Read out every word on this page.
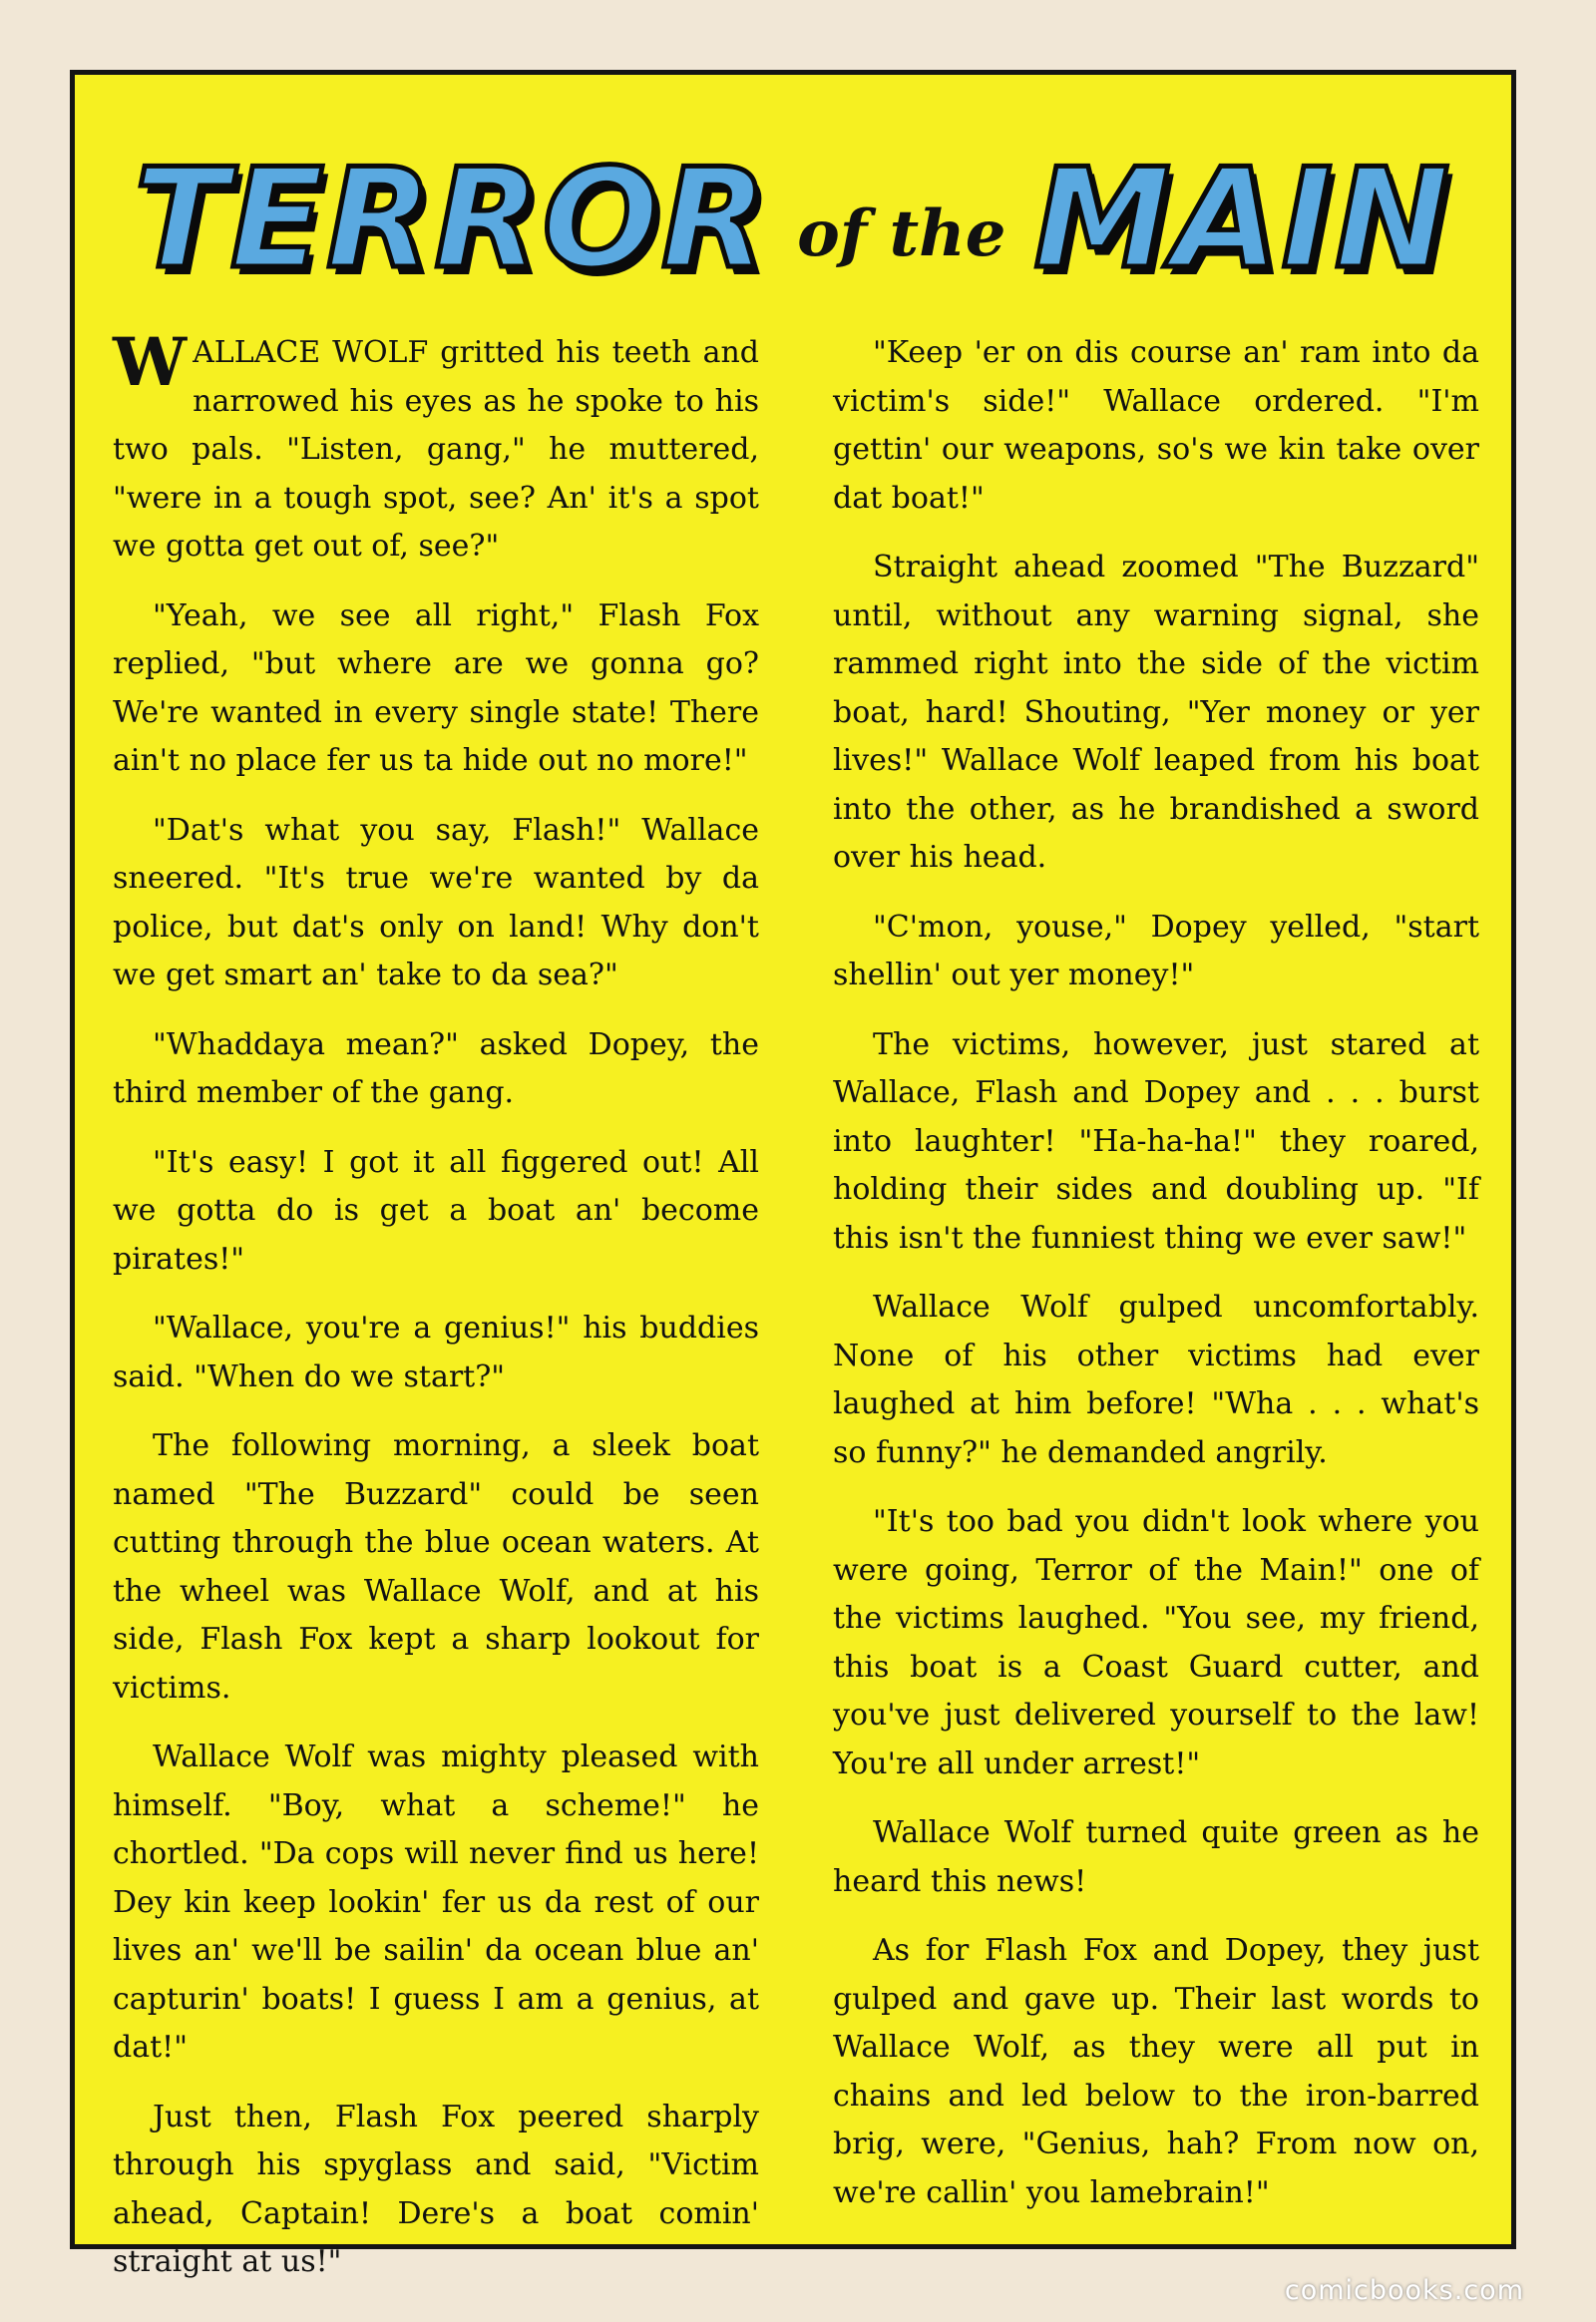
TERROR of the MAIN

WALLACE WOLF gritted his teeth and narrowed his eyes as he spoke to his two pals. "Listen, gang," he muttered, "were in a tough spot, see? An' it's a spot we gotta get out of, see?"

"Yeah, we see all right," Flash Fox replied, "but where are we gonna go? We're wanted in every single state! There ain't no place fer us ta hide out no more!"

"Dat's what you say, Flash!" Wallace sneered. "It's true we're wanted by da police, but dat's only on land! Why don't we get smart an' take to da sea?"

"Whaddaya mean?" asked Dopey, the third member of the gang.

"It's easy! I got it all figgered out! All we gotta do is get a boat an' become pirates!"

"Wallace, you're a genius!" his buddies said. "When do we start?"

The following morning, a sleek boat named "The Buzzard" could be seen cutting through the blue ocean waters. At the wheel was Wallace Wolf, and at his side, Flash Fox kept a sharp lookout for victims.

Wallace Wolf was mighty pleased with himself. "Boy, what a scheme!" he chortled. "Da cops will never find us here! Dey kin keep lookin' fer us da rest of our lives an' we'll be sailin' da ocean blue an' capturin' boats! I guess I am a genius, at dat!"

Just then, Flash Fox peered sharply through his spyglass and said, "Victim ahead, Captain! Dere's a boat comin' straight at us!"

"Keep 'er on dis course an' ram into da victim's side!" Wallace ordered. "I'm gettin' our weapons, so's we kin take over dat boat!"

Straight ahead zoomed "The Buzzard" until, without any warning signal, she rammed right into the side of the victim boat, hard! Shouting, "Yer money or yer lives!" Wallace Wolf leaped from his boat into the other, as he brandished a sword over his head.

"C'mon, youse," Dopey yelled, "start shellin' out yer money!"

The victims, however, just stared at Wallace, Flash and Dopey and . . . burst into laughter! "Ha-ha-ha!" they roared, holding their sides and doubling up. "If this isn't the funniest thing we ever saw!"

Wallace Wolf gulped uncomfortably. None of his other victims had ever laughed at him before! "Wha . . . what's so funny?" he demanded angrily.

"It's too bad you didn't look where you were going, Terror of the Main!" one of the victims laughed. "You see, my friend, this boat is a Coast Guard cutter, and you've just delivered yourself to the law! You're all under arrest!"

Wallace Wolf turned quite green as he heard this news!

As for Flash Fox and Dopey, they just gulped and gave up. Their last words to Wallace Wolf, as they were all put in chains and led below to the iron-barred brig, were, "Genius, hah? From now on, we're callin' you lamebrain!"

comicbooks.com
